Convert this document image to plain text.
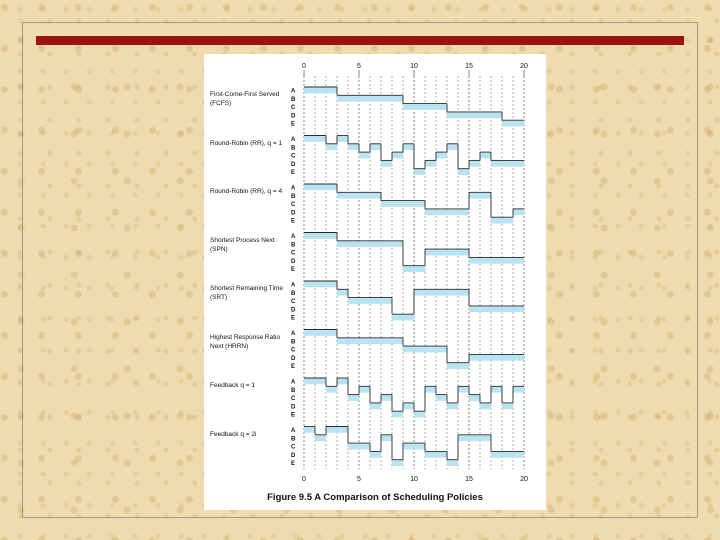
0
0
5
5
10
10
15
15
20
20
A
B
C
D
E
A
B
C
D
E
A
B
C
D
E
A
B
C
D
E
A
B
C
D
E
A
B
C
D
E
A
B
C
D
E
A
B
C
D
E
First-Come-First Served (FCFS)
Round-Robin (RR), q = 1
Round-Robin (RR), q = 4
Shortest Process Next (SPN)
Shortest Remaining Time (SRT)
Highest Response Ratio Next (HRRN)
Feedback q = 1
Feedback q = 2i
Figure 9.5 A Comparison of Scheduling Policies
